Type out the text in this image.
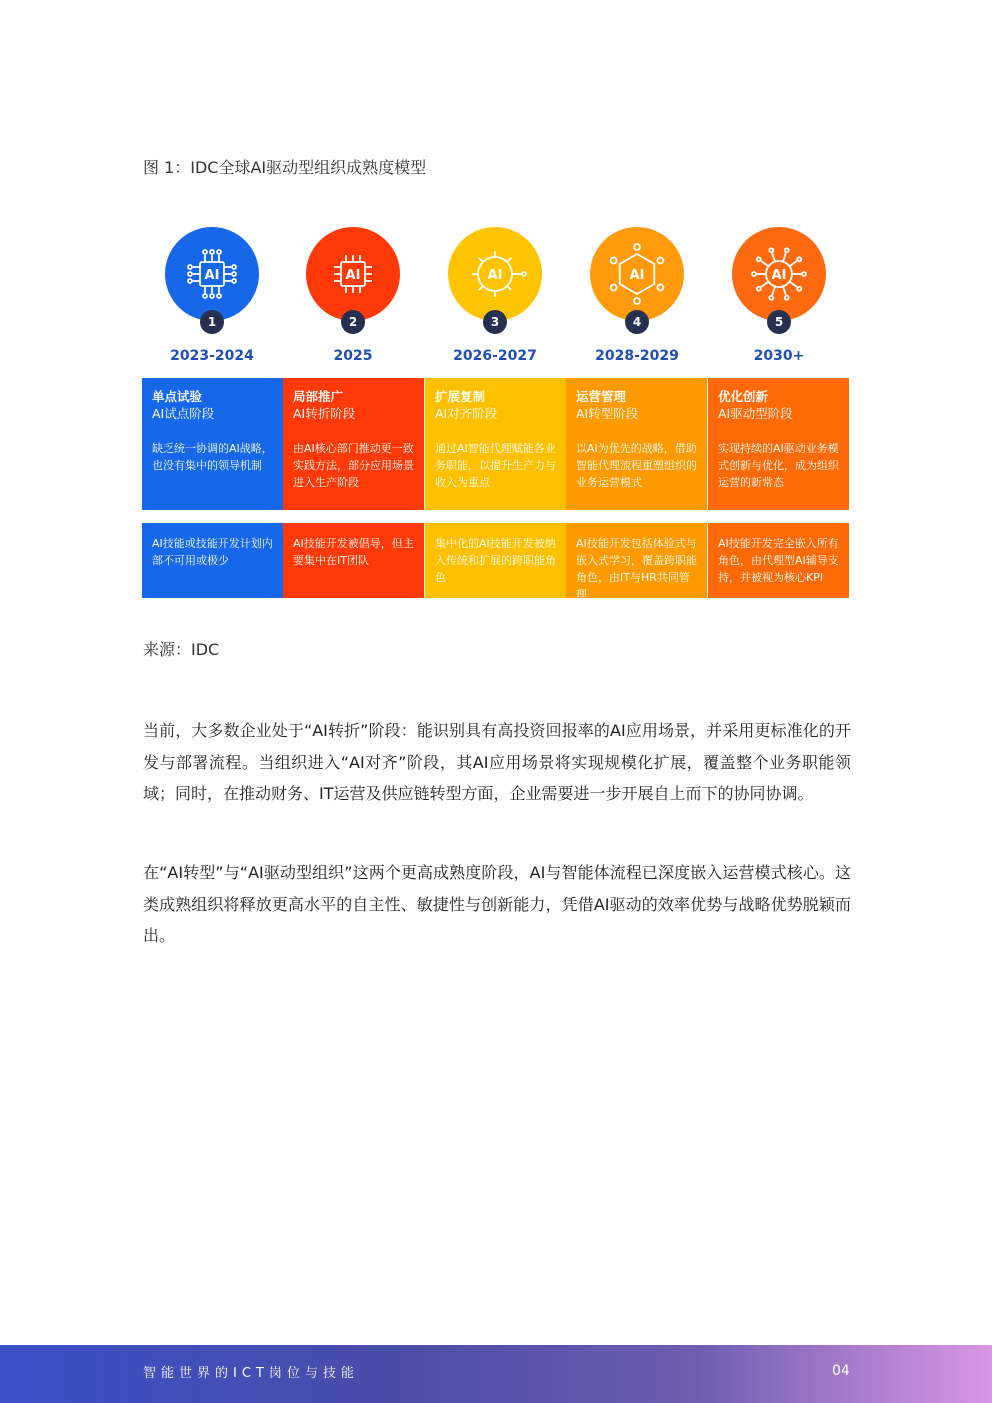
图 1：IDC全球AI驱动型组织成熟度模型
AI
1
2023-2024
单点试验
AI试点阶段
缺乏统一协调的AI战略，也没有集中的领导机制
AI技能或技能开发计划内部不可用或极少
AI
2
2025
局部推广
AI转折阶段
由AI核心部门推动更一致实践方法，部分应用场景进入生产阶段
AI技能开发被倡导，但主要集中在IT团队
AI
3
2026-2027
扩展复制
AI对齐阶段
通过AI智能代理赋能各业务职能，以提升生产力与收入为重点
集中化的AI技能开发被纳入传统和扩展的跨职能角色
AI
4
2028-2029
运营管理
AI转型阶段
以AI为优先的战略，借助智能代理流程重塑组织的业务运营模式
AI技能开发包括体验式与嵌入式学习，覆盖跨职能角色，由IT与HR共同管理
AI
5
2030+
优化创新
AI驱动型阶段
实现持续的AI驱动业务模式创新与优化，成为组织运营的新常态
AI技能开发完全嵌入所有角色，由代理型AI辅导支持，并被视为核心KPI
来源：IDC
当前，大多数企业处于“AI转折”阶段：能识别具有高投资回报率的AI应用场景，并采用更标准化的开发与部署流程。当组织进入“AI对齐”阶段，其AI应用场景将实现规模化扩展，覆盖整个业务职能领域；同时，在推动财务、IT运营及供应链转型方面，企业需要进一步开展自上而下的协同协调。
在“AI转型”与“AI驱动型组织”这两个更高成熟度阶段，AI与智能体流程已深度嵌入运营模式核心。这类成熟组织将释放更高水平的自主性、敏捷性与创新能力，凭借AI驱动的效率优势与战略优势脱颖而出。
智能世界的ICT岗位与技能	04
